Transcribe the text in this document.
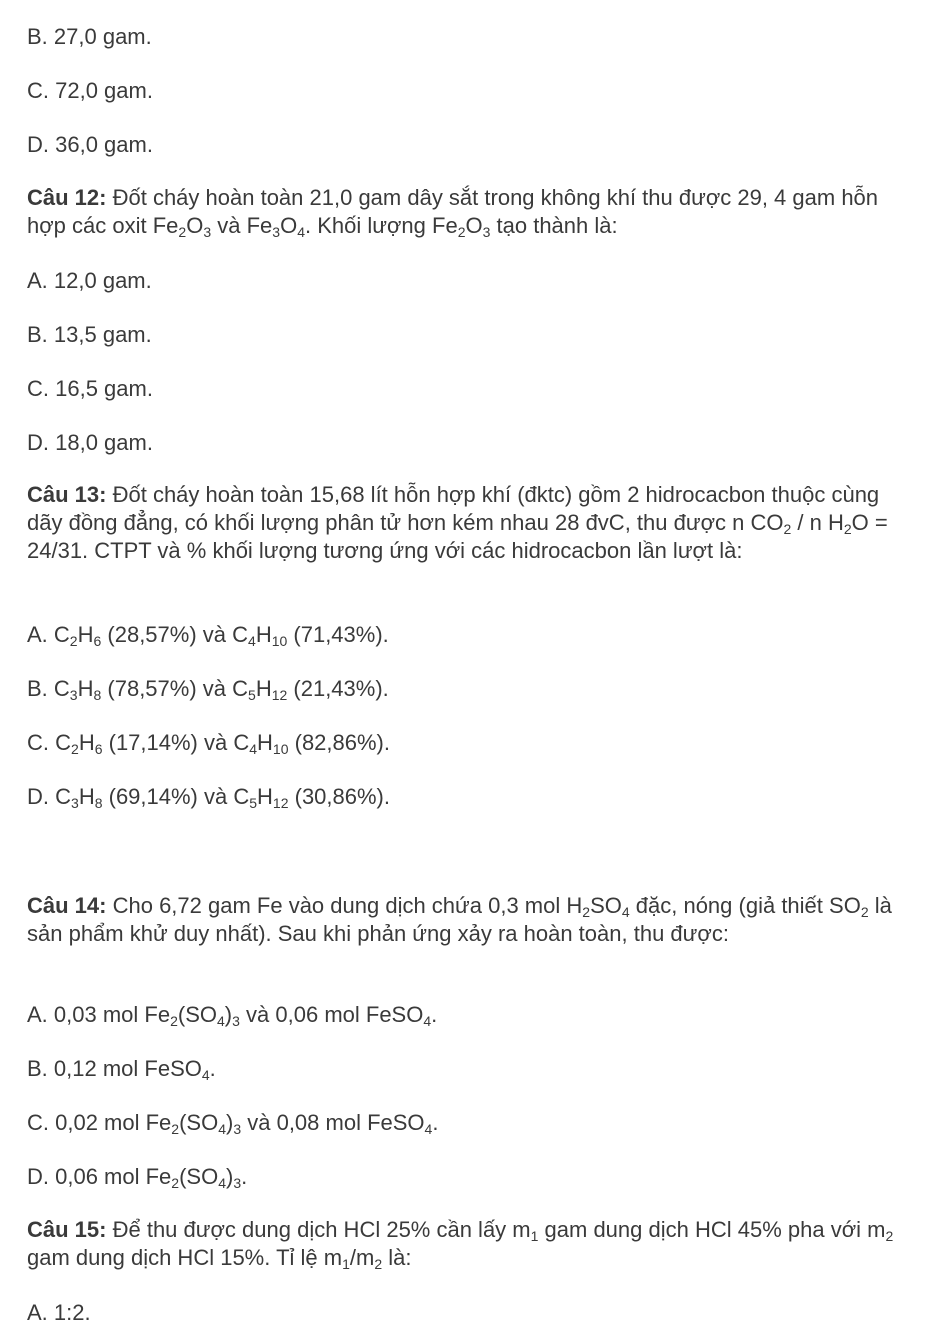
B. 27,0 gam.
C. 72,0 gam.
D. 36,0 gam.
Câu 12: Đốt cháy hoàn toàn 21,0 gam dây sắt trong không khí thu được 29, 4 gam hỗn hợp các oxit $Fe_2O_3$ và $Fe_3O_4$. Khối lượng $Fe_2O_3$ tạo thành là:
A. 12,0 gam.
B. 13,5 gam.
C. 16,5 gam.
D. 18,0 gam.
Câu 13: Đốt cháy hoàn toàn 15,68 lít hỗn hợp khí (đktc) gồm 2 hidrocacbon thuộc cùng dãy đồng đẳng, có khối lượng phân tử hơn kém nhau 28 đvC, thu được n $CO_2$ / n $H_2O = 24/31$. CTPT và % khối lượng tương ứng với các hidrocacbon lần lượt là:
A. $C_2H_6$ (28,57%) và $C_4H_{10}$ (71,43%).
B. $C_3H_8$ (78,57%) và $C_5H_{12}$ (21,43%).
C. $C_2H_6$ (17,14%) và $C_4H_{10}$ (82,86%).
D. $C_3H_8$ (69,14%) và $C_5H_{12}$ (30,86%).
Câu 14: Cho 6,72 gam Fe vào dung dịch chứa 0,3 mol $H_2SO_4$ đặc, nóng (giả thiết $SO_2$ là sản phẩm khử duy nhất). Sau khi phản ứng xảy ra hoàn toàn, thu được:
A. 0,03 mol $Fe_2(SO_4)_3$ và 0,06 mol FeSO$_4$.
B. 0,12 mol FeSO$_4$.
C. 0,02 mol $Fe_2(SO_4)_3$ và 0,08 mol FeSO$_4$.
D. 0,06 mol $Fe_2(SO_4)_3$.
Câu 15: Để thu được dung dịch HCl 25% cần lấy $m_1$ gam dung dịch HCl 45% pha với $m_2$ gam dung dịch HCl 15%. Tỉ lệ $m_1/m_2$ là:
A. 1:2.
